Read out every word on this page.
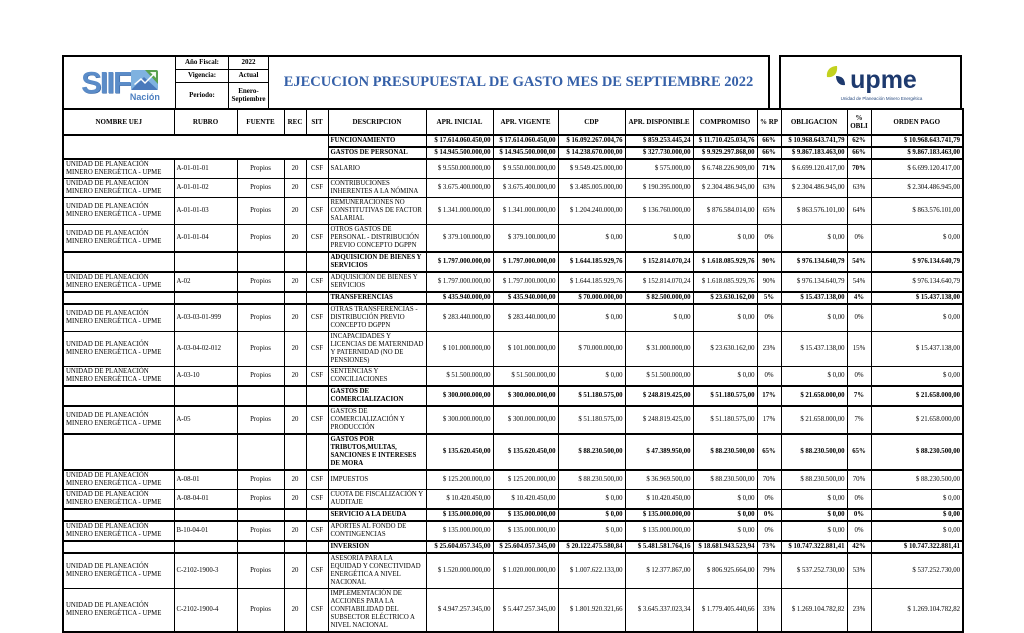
SIIF Nación
Año Fiscal:	2022
Vigencia:	Actual
Periodo:	Enero-Septiembre
EJECUCION PRESUPUESTAL DE GASTO MES DE SEPTIEMBRE 2022	upme
Unidad de Planeación Minero Energética
NOMBRE UEJ	RUBRO	FUENTE	REC	SIT	DESCRIPCION	APR. INICIAL	APR. VIGENTE	CDP	APR. DISPONIBLE	COMPROMISO	% RP	OBLIGACION	% OBLI	ORDEN PAGO
					FUNCIONAMIENTO	$ 17.614.060.450,00	$ 17.614.060.450,00	$ 16.092.267.004,76	$ 859.253.445,24	$ 11.710.425.034,76	66%	$ 10.968.643.741,79	62%	$ 10.968.643.741,79
					GASTOS DE PERSONAL	$ 14.945.500.000,00	$ 14.945.500.000,00	$ 14.238.670.000,00	$ 327.730.000,00	$ 9.929.297.868,00	66%	$ 9.867.183.463,00	66%	$ 9.867.183.463,00
UNIDAD DE PLANEACIÓN MINERO ENERGÉTICA - UPME	A-01-01-01	Propios	20	CSF	SALARIO	$ 9.550.000.000,00	$ 9.550.000.000,00	$ 9.549.425.000,00	$ 575.000,00	$ 6.748.226.909,00	71%	$ 6.699.120.417,00	70%	$ 6.699.120.417,00
UNIDAD DE PLANEACIÓN MINERO ENERGÉTICA - UPME	A-01-01-02	Propios	20	CSF	CONTRIBUCIONES INHERENTES A LA NÓMINA	$ 3.675.400.000,00	$ 3.675.400.000,00	$ 3.485.005.000,00	$ 190.395.000,00	$ 2.304.486.945,00	63%	$ 2.304.486.945,00	63%	$ 2.304.486.945,00
UNIDAD DE PLANEACIÓN MINERO ENERGÉTICA - UPME	A-01-01-03	Propios	20	CSF	REMUNERACIONES NO CONSTITUTIVAS DE FACTOR SALARIAL	$ 1.341.000.000,00	$ 1.341.000.000,00	$ 1.204.240.000,00	$ 136.760.000,00	$ 876.584.014,00	65%	$ 863.576.101,00	64%	$ 863.576.101,00
UNIDAD DE PLANEACIÓN MINERO ENERGÉTICA - UPME	A-01-01-04	Propios	20	CSF	OTROS GASTOS DE PERSONAL - DISTRIBUCIÓN PREVIO CONCEPTO DGPPN	$ 379.100.000,00	$ 379.100.000,00	$ 0,00	$ 0,00	$ 0,00	0%	$ 0,00	0%	$ 0,00
					ADQUISICION DE BIENES Y SERVICIOS	$ 1.797.000.000,00	$ 1.797.000.000,00	$ 1.644.185.929,76	$ 152.814.070,24	$ 1.618.085.929,76	90%	$ 976.134.640,79	54%	$ 976.134.640,79
UNIDAD DE PLANEACIÓN MINERO ENERGÉTICA - UPME	A-02	Propios	20	CSF	ADQUISICIÓN DE BIENES Y SERVICIOS	$ 1.797.000.000,00	$ 1.797.000.000,00	$ 1.644.185.929,76	$ 152.814.070,24	$ 1.618.085.929,76	90%	$ 976.134.640,79	54%	$ 976.134.640,79
					TRANSFERENCIAS	$ 435.940.000,00	$ 435.940.000,00	$ 70.000.000,00	$ 82.500.000,00	$ 23.630.162,00	5%	$ 15.437.138,00	4%	$ 15.437.138,00
UNIDAD DE PLANEACIÓN MINERO ENERGÉTICA - UPME	A-03-03-01-999	Propios	20	CSF	OTRAS TRANSFERENCIAS - DISTRIBUCIÓN PREVIO CONCEPTO DGPPN	$ 283.440.000,00	$ 283.440.000,00	$ 0,00	$ 0,00	$ 0,00	0%	$ 0,00	0%	$ 0,00
UNIDAD DE PLANEACIÓN MINERO ENERGÉTICA - UPME	A-03-04-02-012	Propios	20	CSF	INCAPACIDADES Y LICENCIAS DE MATERNIDAD Y PATERNIDAD (NO DE PENSIONES)	$ 101.000.000,00	$ 101.000.000,00	$ 70.000.000,00	$ 31.000.000,00	$ 23.630.162,00	23%	$ 15.437.138,00	15%	$ 15.437.138,00
UNIDAD DE PLANEACIÓN MINERO ENERGÉTICA - UPME	A-03-10	Propios	20	CSF	SENTENCIAS Y CONCILIACIONES	$ 51.500.000,00	$ 51.500.000,00	$ 0,00	$ 51.500.000,00	$ 0,00	0%	$ 0,00	0%	$ 0,00
					GASTOS DE COMERCIALIZACION	$ 300.000.000,00	$ 300.000.000,00	$ 51.180.575,00	$ 248.819.425,00	$ 51.180.575,00	17%	$ 21.658.000,00	7%	$ 21.658.000,00
UNIDAD DE PLANEACIÓN MINERO ENERGÉTICA - UPME	A-05	Propios	20	CSF	GASTOS DE COMERCIALIZACIÓN Y PRODUCCIÓN	$ 300.000.000,00	$ 300.000.000,00	$ 51.180.575,00	$ 248.819.425,00	$ 51.180.575,00	17%	$ 21.658.000,00	7%	$ 21.658.000,00
					GASTOS POR TRIBUTOS,MULTAS, SANCIONES E INTERESES DE MORA	$ 135.620.450,00	$ 135.620.450,00	$ 88.230.500,00	$ 47.389.950,00	$ 88.230.500,00	65%	$ 88.230.500,00	65%	$ 88.230.500,00
UNIDAD DE PLANEACIÓN MINERO ENERGÉTICA - UPME	A-08-01	Propios	20	CSF	IMPUESTOS	$ 125.200.000,00	$ 125.200.000,00	$ 88.230.500,00	$ 36.969.500,00	$ 88.230.500,00	70%	$ 88.230.500,00	70%	$ 88.230.500,00
UNIDAD DE PLANEACIÓN MINERO ENERGÉTICA - UPME	A-08-04-01	Propios	20	CSF	CUOTA DE FISCALIZACIÓN Y AUDITAJE	$ 10.420.450,00	$ 10.420.450,00	$ 0,00	$ 10.420.450,00	$ 0,00	0%	$ 0,00	0%	$ 0,00
					SERVICIO A LA DEUDA	$ 135.000.000,00	$ 135.000.000,00	$ 0,00	$ 135.000.000,00	$ 0,00	0%	$ 0,00	0%	$ 0,00
UNIDAD DE PLANEACIÓN MINERO ENERGÉTICA - UPME	B-10-04-01	Propios	20	CSF	APORTES AL FONDO DE CONTINGENCIAS	$ 135.000.000,00	$ 135.000.000,00	$ 0,00	$ 135.000.000,00	$ 0,00	0%	$ 0,00	0%	$ 0,00
					INVERSION	$ 25.604.057.345,00	$ 25.604.057.345,00	$ 20.122.475.580,84	$ 5.481.581.764,16	$ 18.681.943.523,94	73%	$ 10.747.322.881,41	42%	$ 10.747.322.881,41
UNIDAD DE PLANEACIÓN MINERO ENERGÉTICA - UPME	C-2102-1900-3	Propios	20	CSF	ASESORIA PARA LA EQUIDAD Y CONECTIVIDAD ENERGÉTICA A NIVEL NACIONAL	$ 1.520.000.000,00	$ 1.020.000.000,00	$ 1.007.622.133,00	$ 12.377.867,00	$ 806.925.664,00	79%	$ 537.252.730,00	53%	$ 537.252.730,00
UNIDAD DE PLANEACIÓN MINERO ENERGÉTICA - UPME	C-2102-1900-4	Propios	20	CSF	IMPLEMENTACIÓN DE ACCIONES PARA LA CONFIABILIDAD DEL SUBSECTOR ELÉCTRICO A NIVEL NACIONAL	$ 4.947.257.345,00	$ 5.447.257.345,00	$ 1.801.920.321,66	$ 3.645.337.023,34	$ 1.779.405.440,66	33%	$ 1.269.104.782,82	23%	$ 1.269.104.782,82
